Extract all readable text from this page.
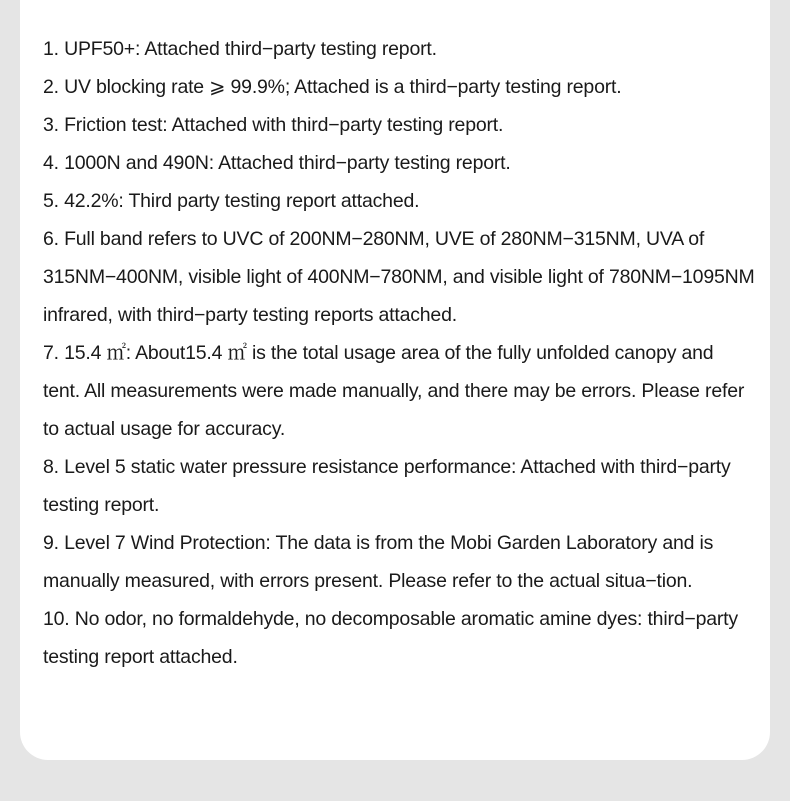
1. UPF50+: Attached third−party testing report.
2. UV blocking rate ⩾ 99.9%; Attached is a third−party testing report.
3. Friction test: Attached with third−party testing report.
4. 1000N and 490N: Attached third−party testing report.
5. 42.2%: Third party testing report attached.
6. Full band refers to UVC of 200NM−280NM, UVE of 280NM−315NM, UVA of 315NM−400NM, visible light of 400NM−780NM, and visible light of 780NM−1095NM infrared, with third−party testing reports attached.
7. 15.4 ㎡: About15.4 ㎡ is the total usage area of the fully unfolded canopy and tent. All measurements were made manually, and there may be errors. Please refer to actual usage for accuracy.
8. Level 5 static water pressure resistance performance: Attached with third−party testing report.
9. Level 7 Wind Protection: The data is from the Mobi Garden Laboratory and is manually measured, with errors present. Please refer to the actual situa−tion.
10. No odor, no formaldehyde, no decomposable aromatic amine dyes: third−party testing report attached.
